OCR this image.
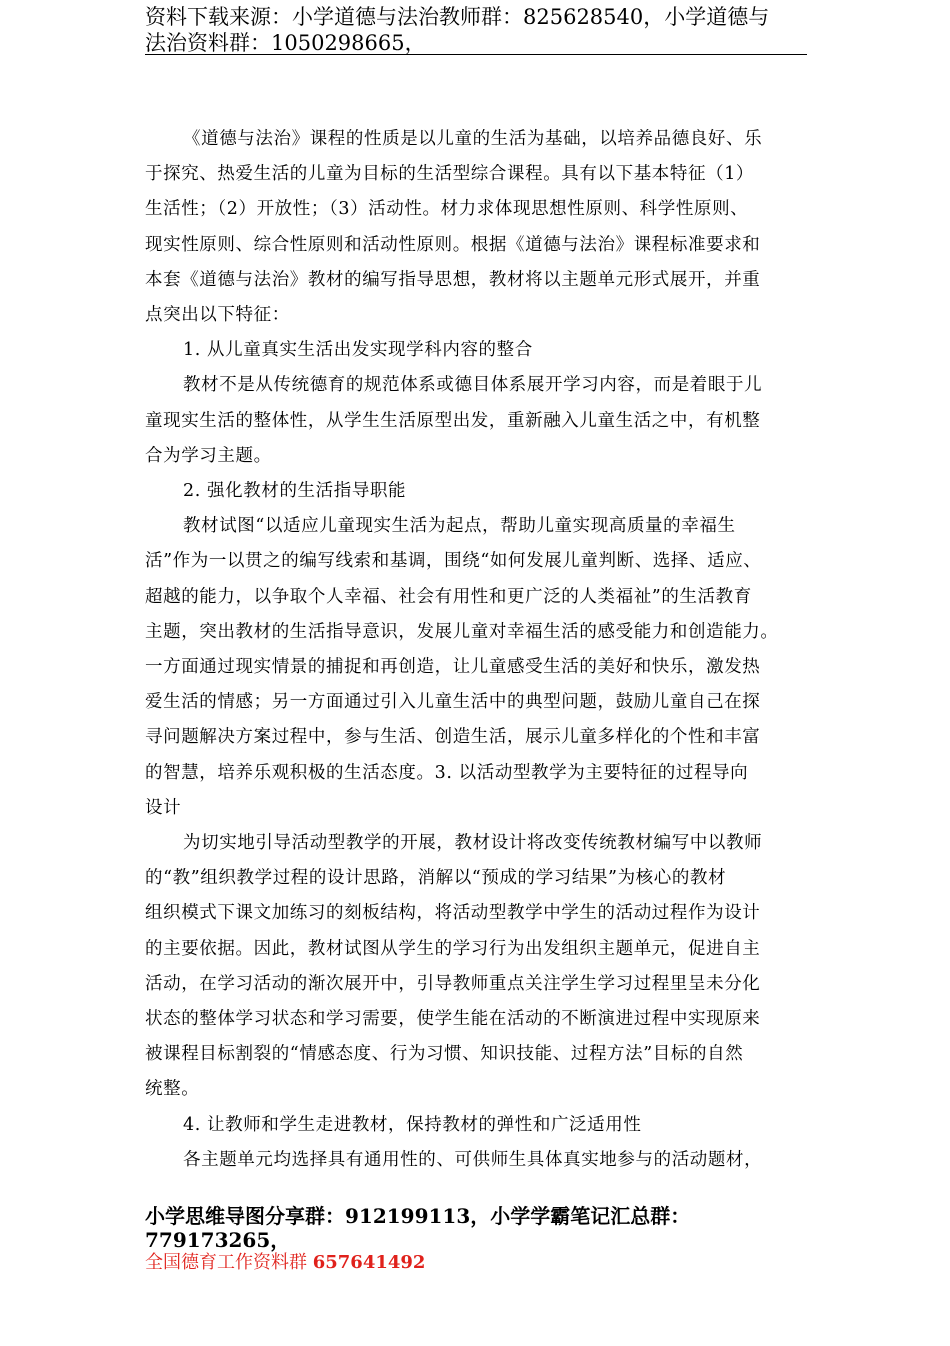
资料下载来源：小学道德与法治教师群：825628540，小学道德与
法治资料群：1050298665，
《道德与法治》课程的性质是以儿童的生活为基础，以培养品德良好、乐
于探究、热爱生活的儿童为目标的生活型综合课程。具有以下基本特征（1）
生活性；（2）开放性；（3）活动性。材力求体现思想性原则、科学性原则、
现实性原则、综合性原则和活动性原则。根据《道德与法治》课程标准要求和
本套《道德与法治》教材的编写指导思想，教材将以主题单元形式展开，并重
点突出以下特征：
1. 从儿童真实生活出发实现学科内容的整合
教材不是从传统德育的规范体系或德目体系展开学习内容，而是着眼于儿
童现实生活的整体性，从学生生活原型出发，重新融入儿童生活之中，有机整
合为学习主题。
2. 强化教材的生活指导职能
教材试图“以适应儿童现实生活为起点，帮助儿童实现高质量的幸福生
活”作为一以贯之的编写线索和基调，围绕“如何发展儿童判断、选择、适应、
超越的能力，以争取个人幸福、社会有用性和更广泛的人类福祉”的生活教育
主题，突出教材的生活指导意识，发展儿童对幸福生活的感受能力和创造能力。
一方面通过现实情景的捕捉和再创造，让儿童感受生活的美好和快乐，激发热
爱生活的情感；另一方面通过引入儿童生活中的典型问题，鼓励儿童自己在探
寻问题解决方案过程中，参与生活、创造生活，展示儿童多样化的个性和丰富
的智慧，培养乐观积极的生活态度。3. 以活动型教学为主要特征的过程导向
设计
为切实地引导活动型教学的开展，教材设计将改变传统教材编写中以教师
的“教”组织教学过程的设计思路，消解以“预成的学习结果”为核心的教材
组织模式下课文加练习的刻板结构，将活动型教学中学生的活动过程作为设计
的主要依据。因此，教材试图从学生的学习行为出发组织主题单元，促进自主
活动，在学习活动的渐次展开中，引导教师重点关注学生学习过程里呈未分化
状态的整体学习状态和学习需要，使学生能在活动的不断演进过程中实现原来
被课程目标割裂的“情感态度、行为习惯、知识技能、过程方法”目标的自然
统整。
4. 让教师和学生走进教材，保持教材的弹性和广泛适用性
各主题单元均选择具有通用性的、可供师生具体真实地参与的活动题材，
小学思维导图分享群：912199113，小学学霸笔记汇总群：
779173265，
全国德育工作资料群 657641492
